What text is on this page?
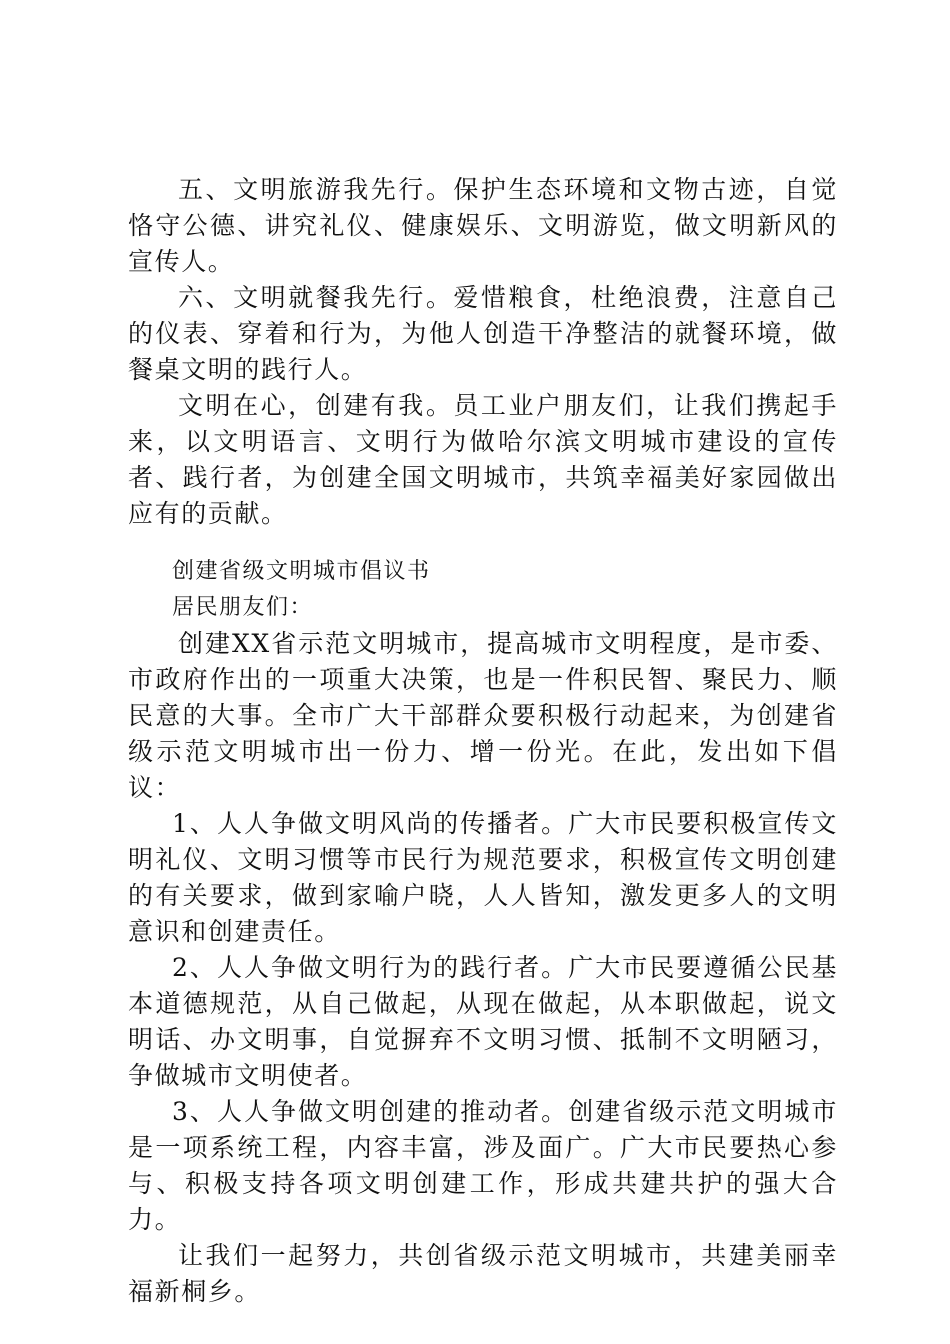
五、文明旅游我先行。保护生态环境和文物古迹，自觉恪守公德、讲究礼仪、健康娱乐、文明游览，做文明新风的宣传人。

六、文明就餐我先行。爱惜粮食，杜绝浪费，注意自己的仪表、穿着和行为，为他人创造干净整洁的就餐环境，做餐桌文明的践行人。

文明在心，创建有我。员工业户朋友们，让我们携起手来，以文明语言、文明行为做哈尔滨文明城市建设的宣传者、践行者，为创建全国文明城市，共筑幸福美好家园做出应有的贡献。

创建省级文明城市倡议书

居民朋友们：

创建XX省示范文明城市，提高城市文明程度，是市委、市政府作出的一项重大决策，也是一件积民智、聚民力、顺民意的大事。全市广大干部群众要积极行动起来，为创建省级示范文明城市出一份力、增一份光。在此，发出如下倡议：

1、人人争做文明风尚的传播者。广大市民要积极宣传文明礼仪、文明习惯等市民行为规范要求，积极宣传文明创建的有关要求，做到家喻户晓，人人皆知，激发更多人的文明意识和创建责任。

2、人人争做文明行为的践行者。广大市民要遵循公民基本道德规范，从自己做起，从现在做起，从本职做起，说文明话、办文明事，自觉摒弃不文明习惯、抵制不文明陋习，争做城市文明使者。

3、人人争做文明创建的推动者。创建省级示范文明城市是一项系统工程，内容丰富，涉及面广。广大市民要热心参与、积极支持各项文明创建工作，形成共建共护的强大合力。

让我们一起努力，共创省级示范文明城市，共建美丽幸福新桐乡。
